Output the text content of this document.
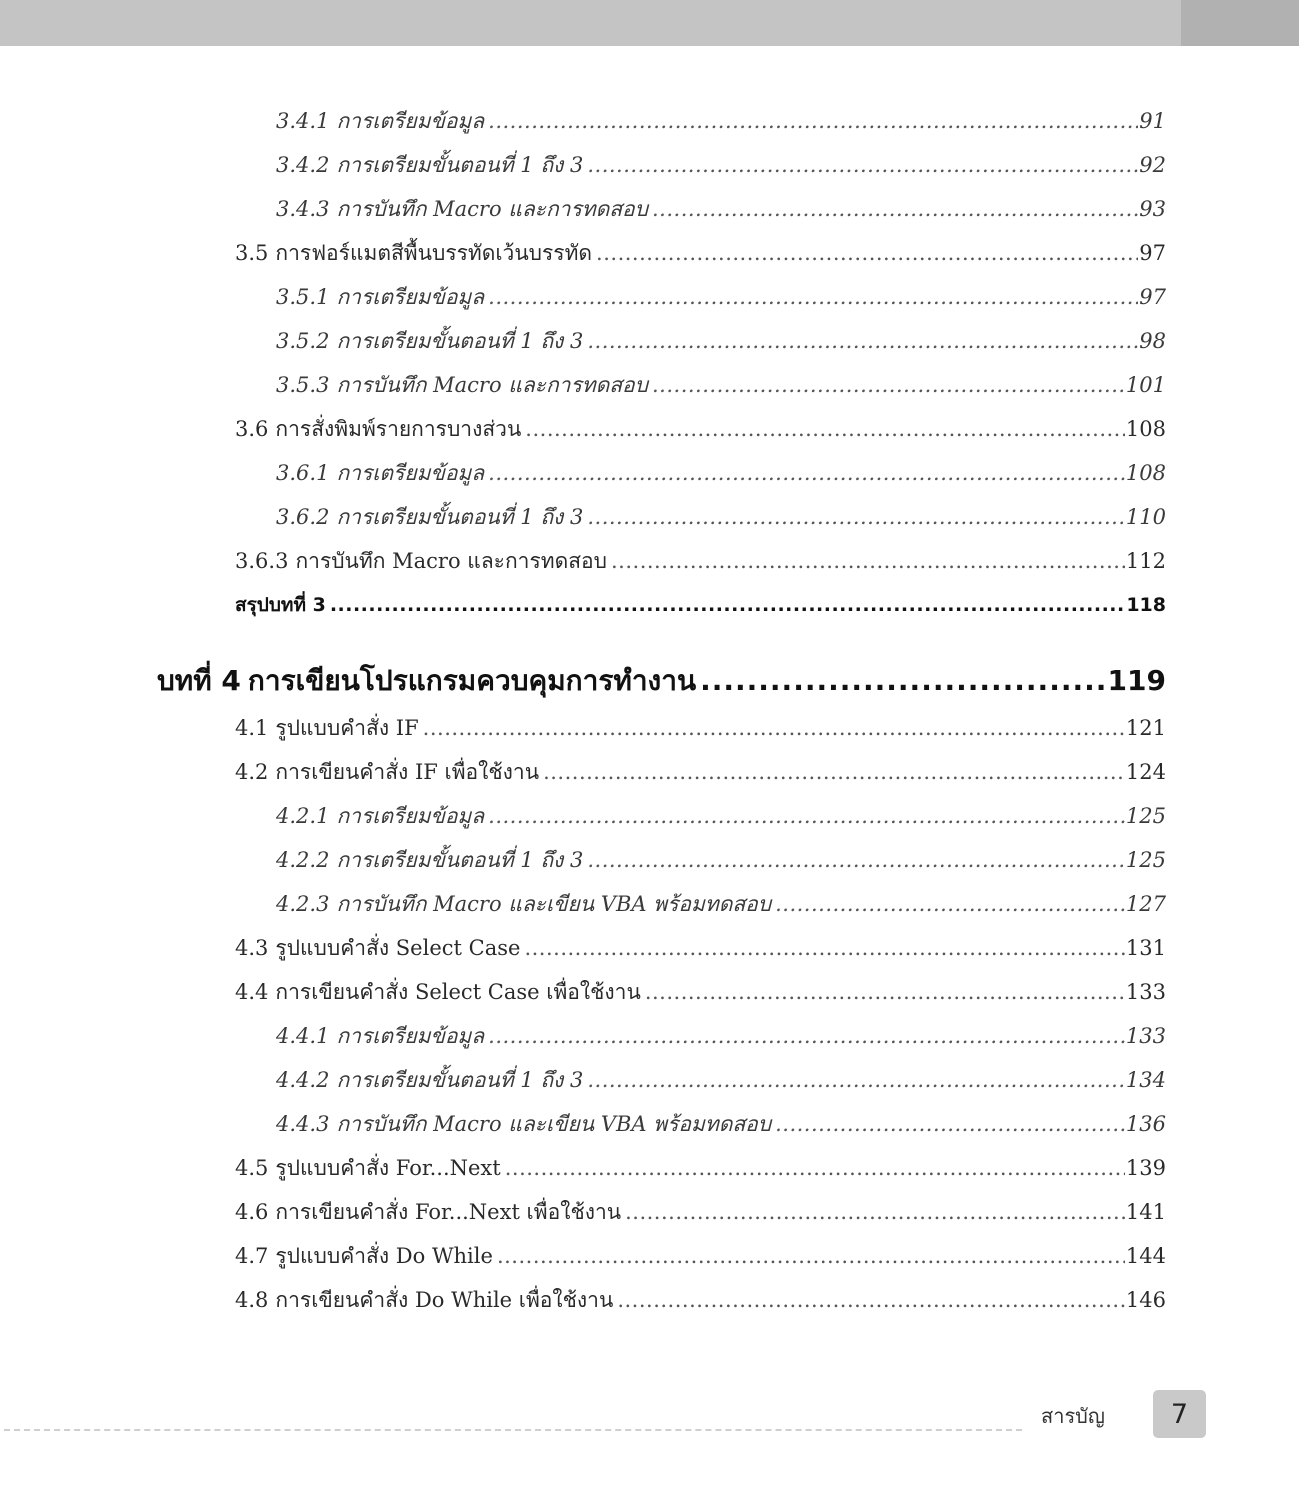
3.4.1 การเตรียมข้อมูล .....	91
3.4.2 การเตรียมขั้นตอนที่ 1 ถึง 3 .....	92
3.4.3 การบันทึก Macro และการทดสอบ .....	93
3.5 การฟอร์แมตสีพื้นบรรทัดเว้นบรรทัด .....	97
3.5.1 การเตรียมข้อมูล .....	97
3.5.2 การเตรียมขั้นตอนที่ 1 ถึง 3 .....	98
3.5.3 การบันทึก Macro และการทดสอบ .....	101
3.6 การสั่งพิมพ์รายการบางส่วน .....	108
3.6.1 การเตรียมข้อมูล .....	108
3.6.2 การเตรียมขั้นตอนที่ 1 ถึง 3 .....	110
3.6.3 การบันทึก Macro และการทดสอบ .....	112
สรุปบทที่ 3 .....	118
บทที่ 4 การเขียนโปรแกรมควบคุมการทำงาน .....	119
4.1 รูปแบบคำสั่ง IF .....	121
4.2 การเขียนคำสั่ง IF เพื่อใช้งาน .....	124
4.2.1 การเตรียมข้อมูล .....	125
4.2.2 การเตรียมขั้นตอนที่ 1 ถึง 3 .....	125
4.2.3 การบันทึก Macro และเขียน VBA พร้อมทดสอบ .....	127
4.3 รูปแบบคำสั่ง Select Case .....	131
4.4 การเขียนคำสั่ง Select Case เพื่อใช้งาน .....	133
4.4.1 การเตรียมข้อมูล .....	133
4.4.2 การเตรียมขั้นตอนที่ 1 ถึง 3 .....	134
4.4.3 การบันทึก Macro และเขียน VBA พร้อมทดสอบ .....	136
4.5 รูปแบบคำสั่ง For...Next .....	139
4.6 การเขียนคำสั่ง For...Next เพื่อใช้งาน .....	141
4.7 รูปแบบคำสั่ง Do While .....	144
4.8 การเขียนคำสั่ง Do While เพื่อใช้งาน .....	146
สารบัญ	7
